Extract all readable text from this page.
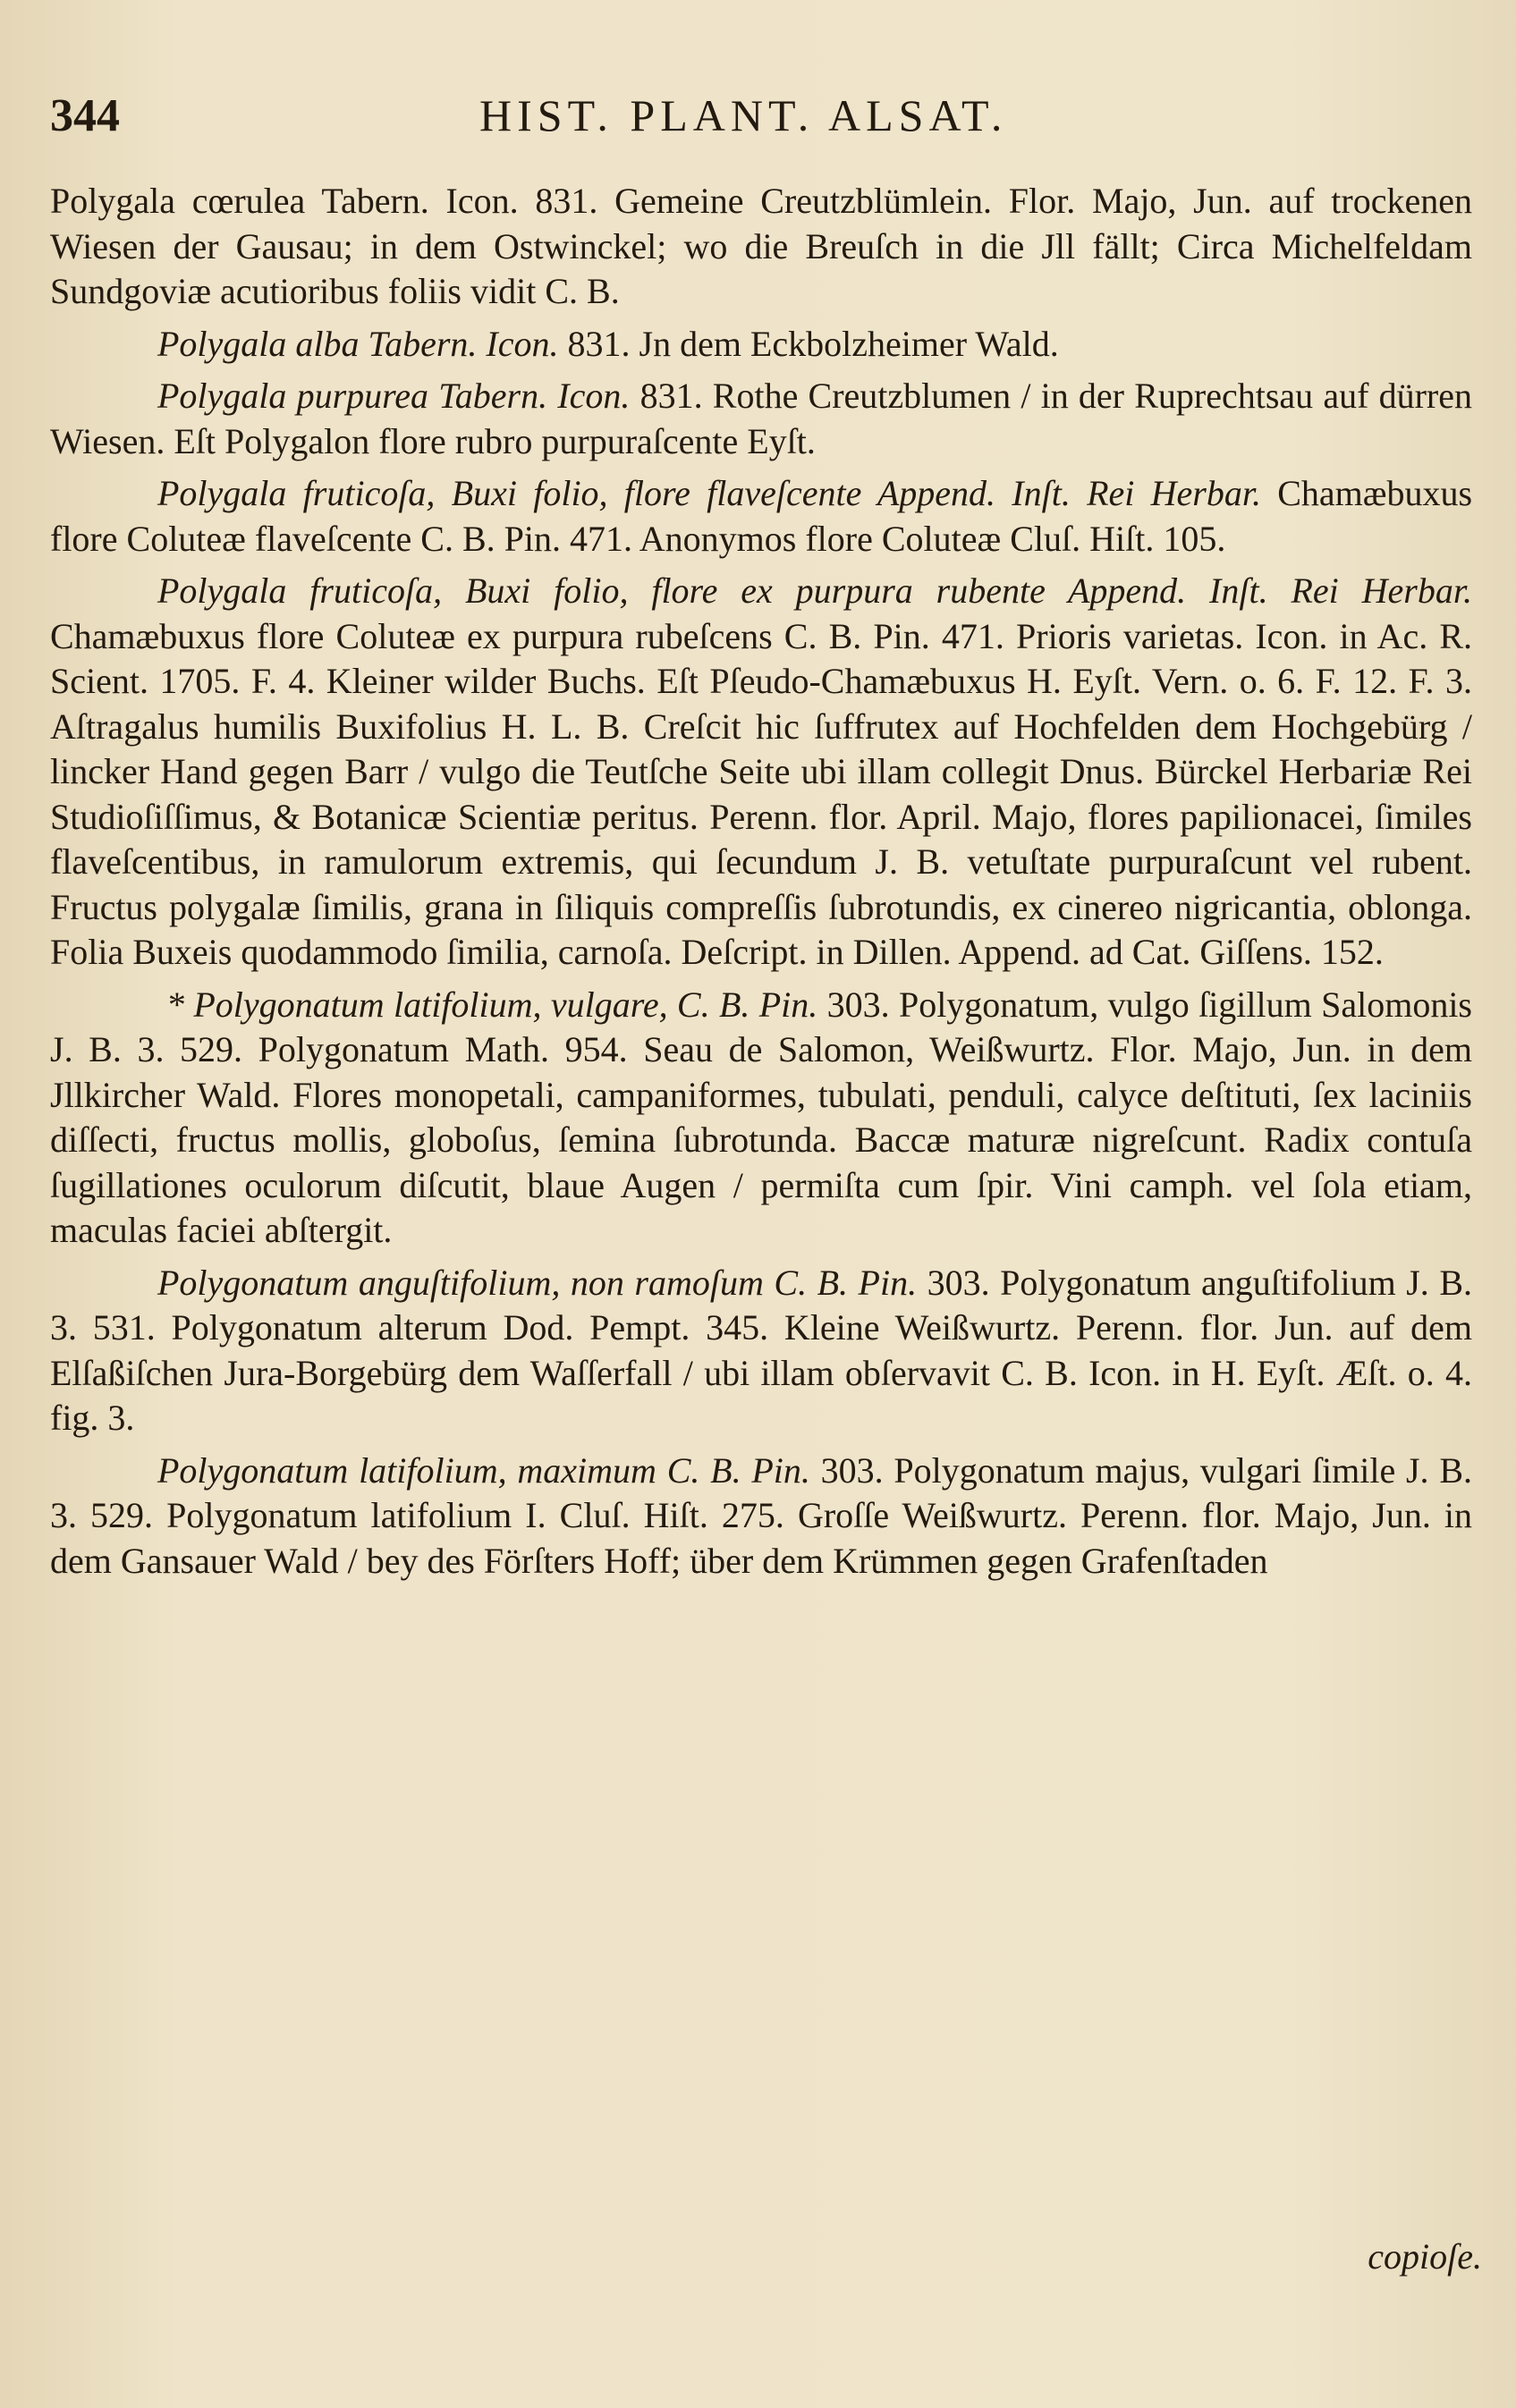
344	HIST. PLANT. ALSAT.

Polygala cœrulea Tabern. Icon. 831. Gemeine Creutzblümlein. Flor. Majo, Jun. auf trockenen Wiesen der Gausau; in dem Ostwinckel; wo die Breuſch in die Jll fällt; Circa Michelfeldam Sundgoviæ acutioribus foliis vidit C. B.

Polygala alba Tabern. Icon. 831. Jn dem Eckbolzheimer Wald.

Polygala purpurea Tabern. Icon. 831. Rothe Creutzblumen / in der Ruprechtsau auf dürren Wiesen. Eſt Polygalon flore rubro purpuraſcente Eyſt.

Polygala fruticoſa, Buxi folio, flore flaveſcente Append. Inſt. Rei Herbar. Chamæbuxus flore Coluteæ flaveſcente C. B. Pin. 471. Anonymos flore Coluteæ Cluſ. Hiſt. 105.

Polygala fruticoſa, Buxi folio, flore ex purpura rubente Append. Inſt. Rei Herbar. Chamæbuxus flore Coluteæ ex purpura rubeſcens C. B. Pin. 471. Prioris varietas. Icon. in Ac. R. Scient. 1705. F. 4. Kleiner wilder Buchs. Eſt Pſeudo-Chamæbuxus H. Eyſt. Vern. o. 6. F. 12. F. 3. Aſtragalus humilis Buxifolius H. L. B. Creſcit hic ſuffrutex auf Hochfelden dem Hochgebürg / lincker Hand gegen Barr / vulgo die Teutſche Seite ubi illam collegit Dnus. Bürckel Herbariæ Rei Studioſiſſimus, & Botanicæ Scientiæ peritus. Perenn. flor. April. Majo, flores papilionacei, ſimiles flaveſcentibus, in ramulorum extremis, qui ſecundum J. B. vetuſtate purpuraſcunt vel rubent. Fructus polygalæ ſimilis, grana in ſiliquis compreſſis ſubrotundis, ex cinereo nigricantia, oblonga. Folia Buxeis quodammodo ſimilia, carnoſa. Deſcript. in Dillen. Append. ad Cat. Giſſens. 152.

* Polygonatum latifolium, vulgare, C. B. Pin. 303. Polygonatum, vulgo ſigillum Salomonis J. B. 3. 529. Polygonatum Math. 954. Seau de Salomon, Weißwurtz. Flor. Majo, Jun. in dem Jllkircher Wald. Flores monopetali, campaniformes, tubulati, penduli, calyce deſtituti, ſex laciniis diſſecti, fructus mollis, globoſus, ſemina ſubrotunda. Baccæ maturæ nigreſcunt. Radix contuſa ſugillationes oculorum diſcutit, blaue Augen / permiſta cum ſpir. Vini camph. vel ſola etiam, maculas faciei abſtergit.

Polygonatum anguſtifolium, non ramoſum C. B. Pin. 303. Polygonatum anguſtifolium J. B. 3. 531. Polygonatum alterum Dod. Pempt. 345. Kleine Weißwurtz. Perenn. flor. Jun. auf dem Elſaßiſchen Jura-Borgebürg dem Waſſerfall / ubi illam obſervavit C. B. Icon. in H. Eyſt. Æſt. o. 4. fig. 3.

Polygonatum latifolium, maximum C. B. Pin. 303. Polygonatum majus, vulgari ſimile J. B. 3. 529. Polygonatum latifolium I. Cluſ. Hiſt. 275. Groſſe Weißwurtz. Perenn. flor. Majo, Jun. in dem Gansauer Wald / bey des Förſters Hoff; über dem Krümmen gegen Grafenſtaden

copioſe.
